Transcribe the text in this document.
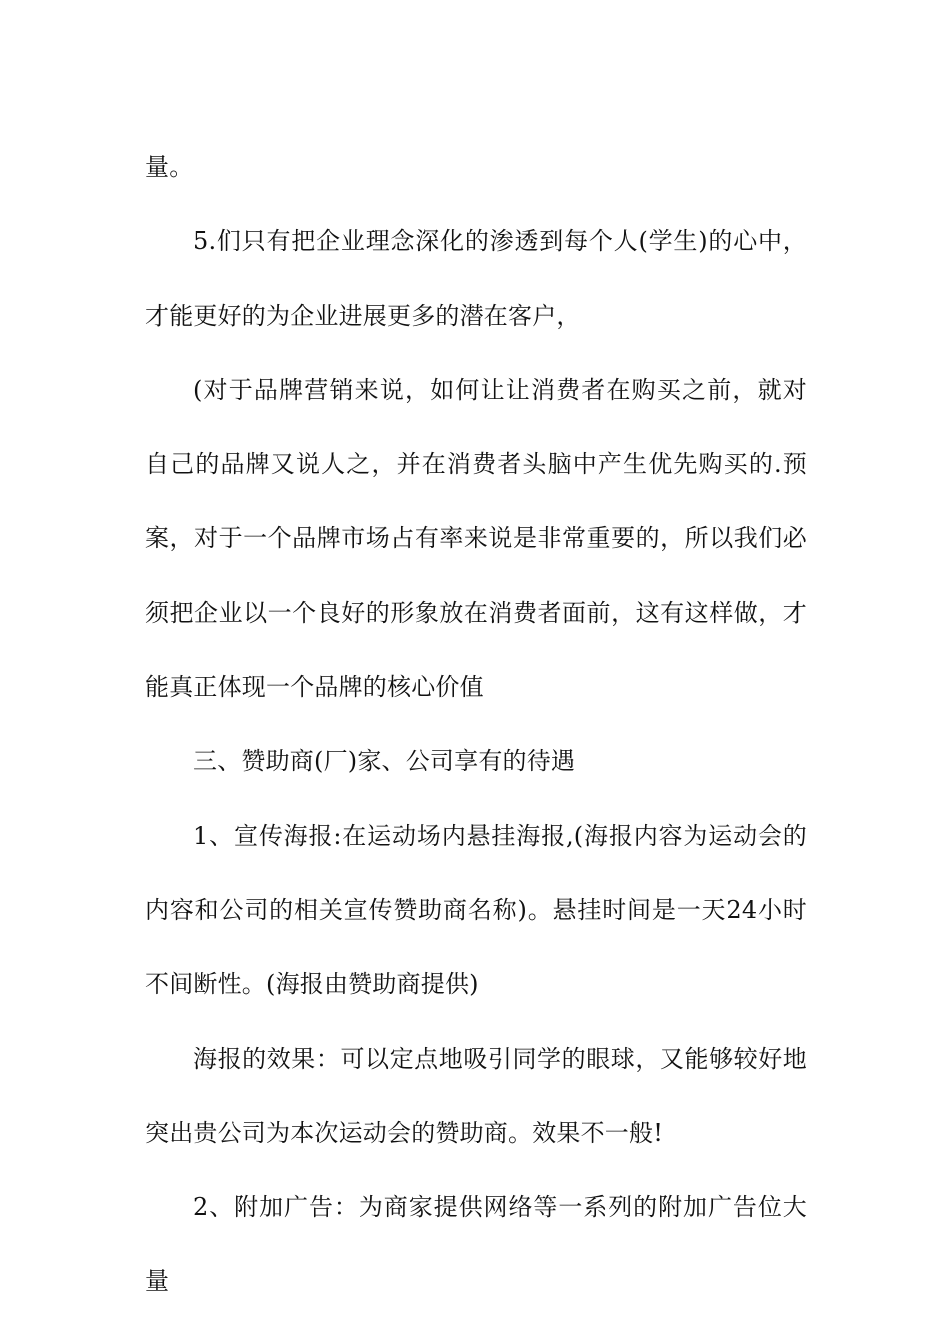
量。

5.们只有把企业理念深化的渗透到每个人(学生)的心中，才能更好的为企业进展更多的潜在客户，

(对于品牌营销来说，如何让让消费者在购买之前，就对自己的品牌又说人之，并在消费者头脑中产生优先购买的.预案，对于一个品牌市场占有率来说是非常重要的，所以我们必须把企业以一个良好的形象放在消费者面前，这有这样做，才能真正体现一个品牌的核心价值

三、赞助商(厂)家、公司享有的待遇

1、宣传海报:在运动场内悬挂海报,(海报内容为运动会的内容和公司的相关宣传赞助商名称)。悬挂时间是一天24小时不间断性。(海报由赞助商提供)

海报的效果：可以定点地吸引同学的眼球，又能够较好地突出贵公司为本次运动会的赞助商。效果不一般!

2、附加广告：为商家提供网络等一系列的附加广告位大量
